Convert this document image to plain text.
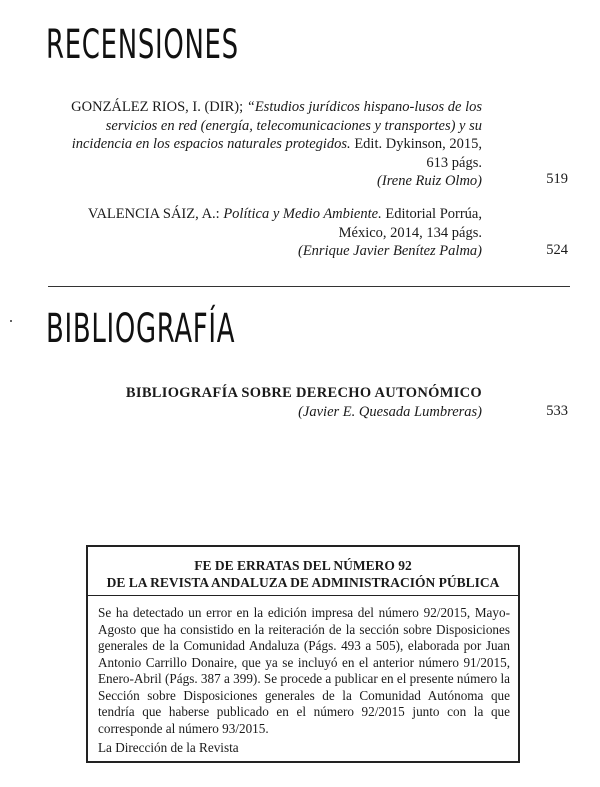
RECENSIONES
GONZÁLEZ RIOS, I. (DIR); “Estudios jurídicos hispano-lusos de los
servicios en red (energía, telecomunicaciones y transportes) y su
incidencia en los espacios naturales protegidos. Edit. Dykinson, 2015,
613 págs.
(Irene Ruiz Olmo)	519
VALENCIA SÁIZ, A.: Política y Medio Ambiente. Editorial Porrúa,
México, 2014, 134 págs.
(Enrique Javier Benítez Palma)	524
BIBLIOGRAFÍA
BIBLIOGRAFÍA SOBRE DERECHO AUTONÓMICO
(Javier E. Quesada Lumbreras)	533
FE DE ERRATAS DEL NÚMERO 92
DE LA REVISTA ANDALUZA DE ADMINISTRACIÓN PÚBLICA
Se ha detectado un error en la edición impresa del número 92/2015, Mayo-Agosto que ha consistido en la reiteración de la sección sobre Disposiciones generales de la Comunidad Andaluza (Págs. 493 a 505), elaborada por Juan Antonio Carrillo Donaire, que ya se incluyó en el anterior número 91/2015, Enero-Abril (Págs. 387 a 399). Se procede a publicar en el presente número la Sección sobre Disposiciones generales de la Comunidad Autónoma que tendría que haberse publicado en el número 92/2015 junto con la que corresponde al número 93/2015.
La Dirección de la Revista
